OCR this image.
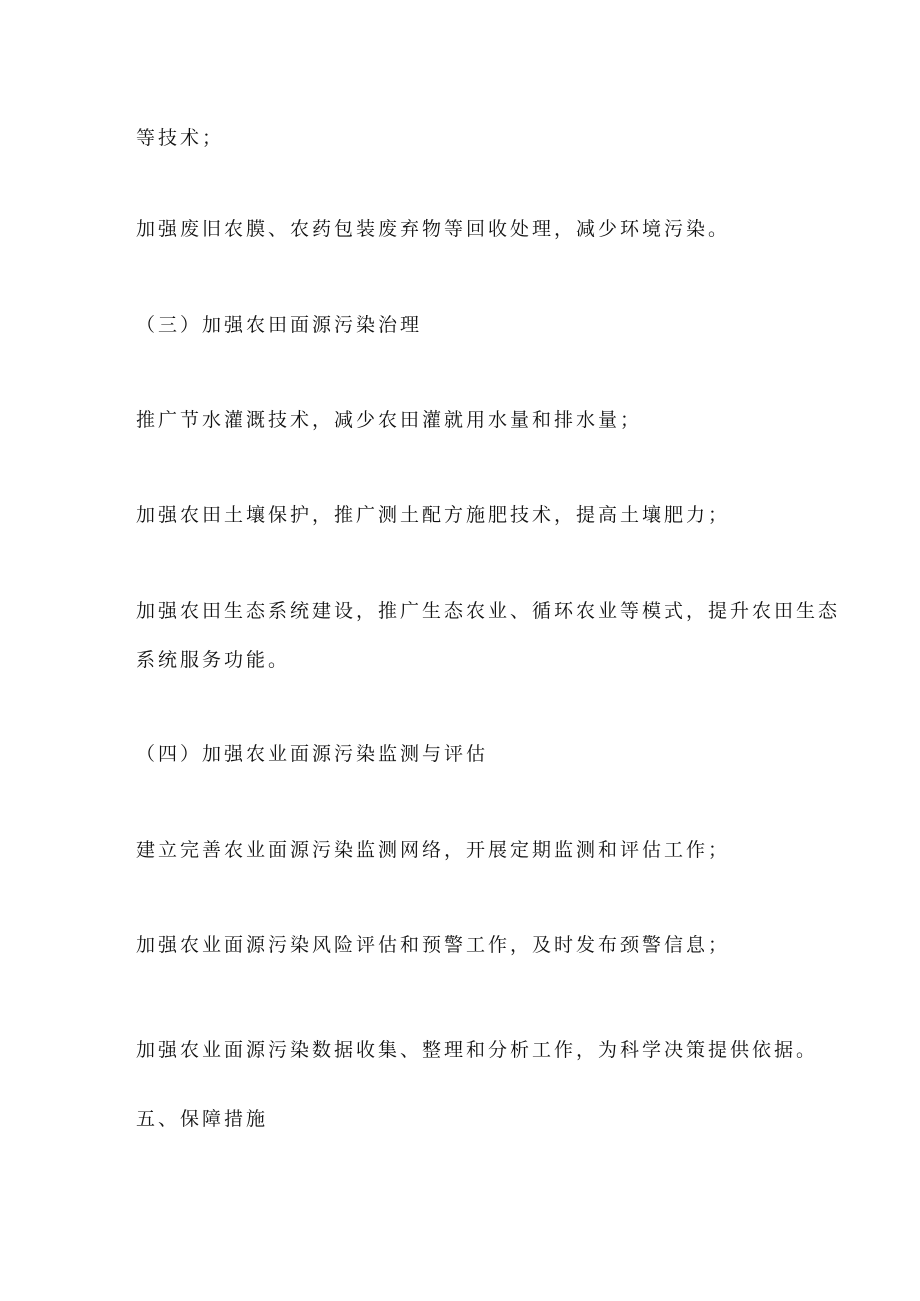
等技术；
加强废旧农膜、农药包装废弃物等回收处理，减少环境污染。
（三）加强农田面源污染治理
推广节水灌溉技术，减少农田灌就用水量和排水量；
加强农田土壤保护，推广测土配方施肥技术，提高土壤肥力；
加强农田生态系统建设，推广生态农业、循环农业等模式，提升农田生态
系统服务功能。
（四）加强农业面源污染监测与评估
建立完善农业面源污染监测网络，开展定期监测和评估工作；
加强农业面源污染风险评估和预警工作，及时发布颈警信息；
加强农业面源污染数据收集、整理和分析工作，为科学决策提供依据。
五、保障措施
